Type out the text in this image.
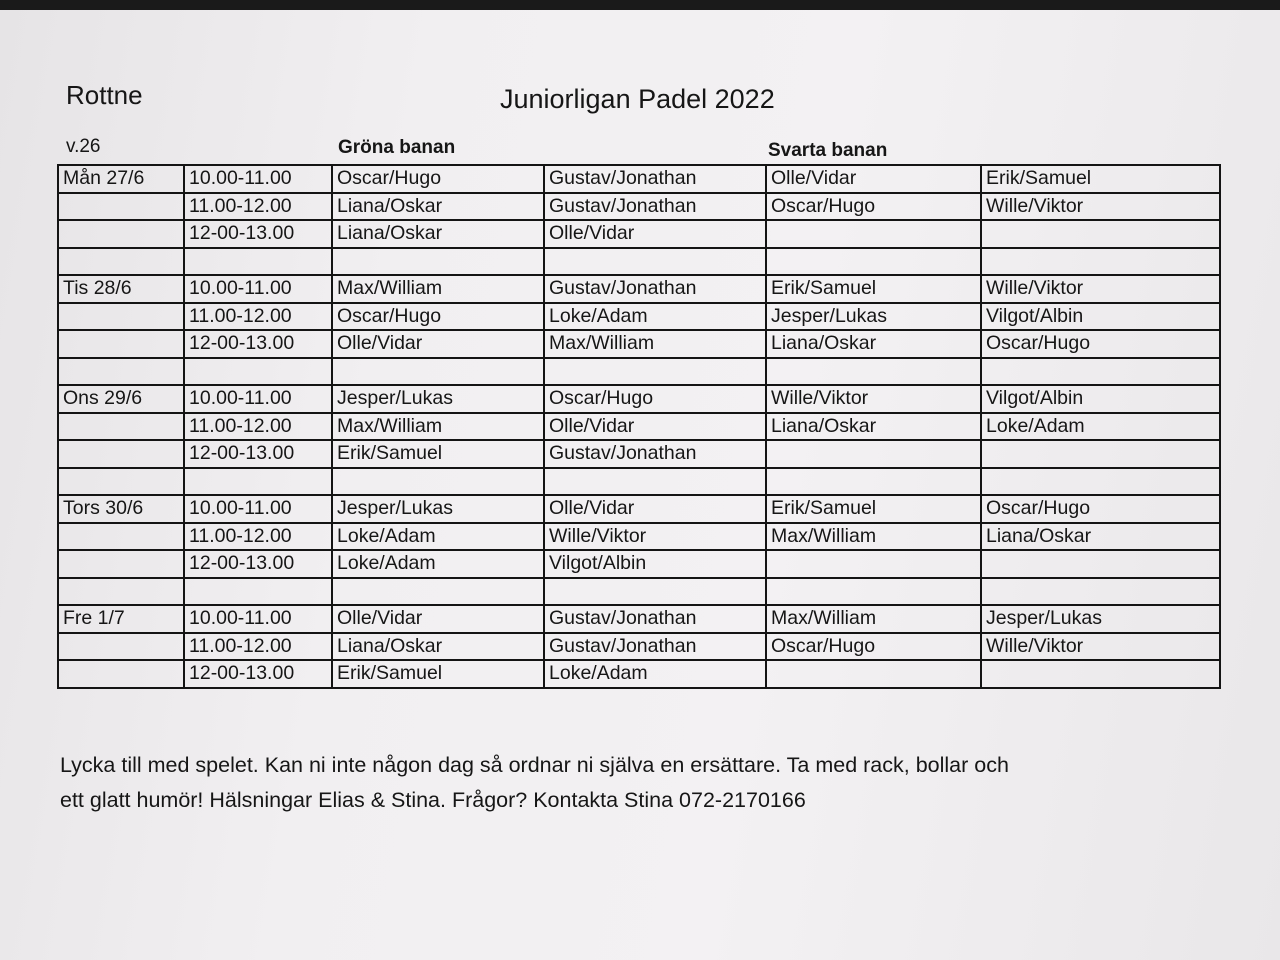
Rottne	Juniorligan Padel 2022
v.26	Gröna banan	Svarta banan
Mån 27/6	10.00-11.00	Oscar/Hugo	Gustav/Jonathan	Olle/Vidar	Erik/Samuel
	11.00-12.00	Liana/Oskar	Gustav/Jonathan	Oscar/Hugo	Wille/Viktor
	12-00-13.00	Liana/Oskar	Olle/Vidar		

Tis 28/6	10.00-11.00	Max/William	Gustav/Jonathan	Erik/Samuel	Wille/Viktor
	11.00-12.00	Oscar/Hugo	Loke/Adam	Jesper/Lukas	Vilgot/Albin
	12-00-13.00	Olle/Vidar	Max/William	Liana/Oskar	Oscar/Hugo

Ons 29/6	10.00-11.00	Jesper/Lukas	Oscar/Hugo	Wille/Viktor	Vilgot/Albin
	11.00-12.00	Max/William	Olle/Vidar	Liana/Oskar	Loke/Adam
	12-00-13.00	Erik/Samuel	Gustav/Jonathan		

Tors 30/6	10.00-11.00	Jesper/Lukas	Olle/Vidar	Erik/Samuel	Oscar/Hugo
	11.00-12.00	Loke/Adam	Wille/Viktor	Max/William	Liana/Oskar
	12-00-13.00	Loke/Adam	Vilgot/Albin		

Fre 1/7	10.00-11.00	Olle/Vidar	Gustav/Jonathan	Max/William	Jesper/Lukas
	11.00-12.00	Liana/Oskar	Gustav/Jonathan	Oscar/Hugo	Wille/Viktor
	12-00-13.00	Erik/Samuel	Loke/Adam		
Lycka till med spelet. Kan ni inte någon dag så ordnar ni själva en ersättare. Ta med rack, bollar och
ett glatt humör! Hälsningar Elias & Stina. Frågor? Kontakta Stina 072-2170166
